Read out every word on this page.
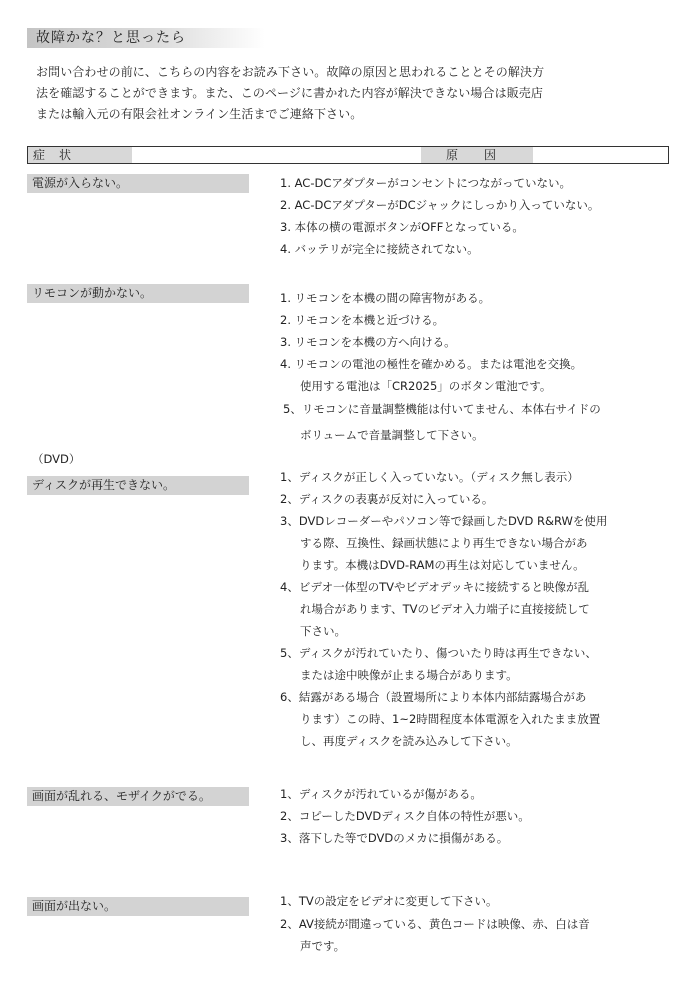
故障かな？と思ったら
お問い合わせの前に、こちらの内容をお読み下さい。故障の原因と思われることとその解決方
法を確認することができます。また、このページに書かれた内容が解決できない場合は販売店
または輸入元の有限会社オンライン生活までご連絡下さい。
症状	原因
電源が入らない。	1. AC-DCアダプターがコンセントにつながっていない。
2. AC-DCアダプターがDCジャックにしっかり入っていない。
3. 本体の横の電源ボタンがOFFとなっている。
4. バッテリが完全に接続されてない。
リモコンが動かない。	1. リモコンを本機の間の障害物がある。
2. リモコンを本機と近づける。
3. リモコンを本機の方へ向ける。
4. リモコンの電池の極性を確かめる。または電池を交換。
使用する電池は「CR2025」のボタン電池です。
5、リモコンに音量調整機能は付いてません、本体右サイドの
ボリュームで音量調整して下さい。
（DVD）
ディスクが再生できない。
1、ディスクが正しく入っていない。（ディスク無し表示）
2、ディスクの表裏が反対に入っている。
3、DVDレコーダーやパソコン等で録画したDVD R&RWを使用
する際、互換性、録画状態により再生できない場合があ
ります。本機はDVD-RAMの再生は対応していません。
4、ビデオ一体型のTVやビデオデッキに接続すると映像が乱
れ場合があります、TVのビデオ入力端子に直接接続して
下さい。
5、ディスクが汚れていたり、傷ついたり時は再生できない、
または途中映像が止まる場合があります。
6、結露がある場合（設置場所により本体内部結露場合があ
ります）この時、1~2時間程度本体電源を入れたまま放置
し、再度ディスクを読み込みして下さい。
画面が乱れる、モザイクがでる。	1、ディスクが汚れているが傷がある。
2、コピーしたDVDディスク自体の特性が悪い。
3、落下した等でDVDのメカに損傷がある。
画面が出ない。	1、TVの設定をビデオに変更して下さい。
2、AV接続が間違っている、黄色コードは映像、赤、白は音
声です。
